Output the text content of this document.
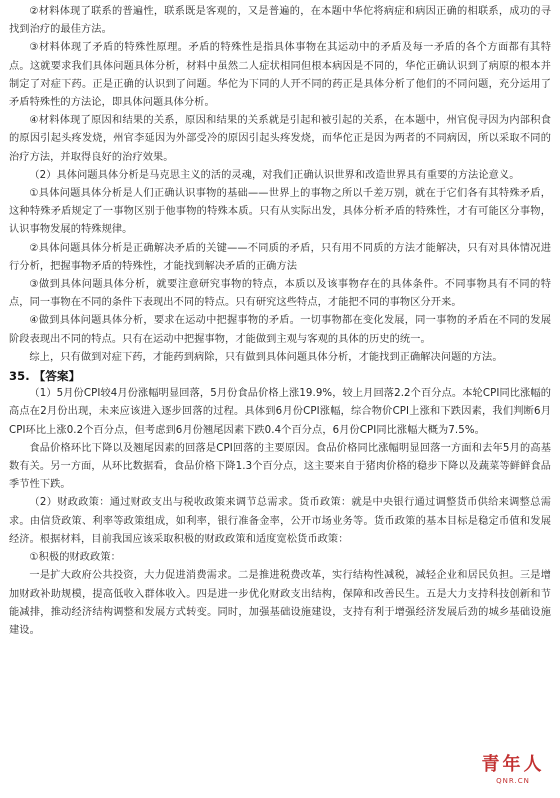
②材料体现了联系的普遍性，联系既是客观的，又是普遍的，在本题中华佗将病症和病因正确的相联系，成功的寻找到治疗的最佳方法。

③材料体现了矛盾的特殊性原理。矛盾的特殊性是指具体事物在其运动中的矛盾及每一矛盾的各个方面都有其特点。这就要求我们具体问题具体分析，材料中虽然二人症状相同但根本病因是不同的，华佗正确认识到了病原的根本并制定了对症下药。正是正确的认识到了问题。华佗为下同的人开不同的药正是具体分析了他们的不同问题，充分运用了矛盾特殊性的方法论，即具体问题具体分析。

④材料体现了原因和结果的关系，原因和结果的关系就是引起和被引起的关系，在本题中，州官倪寻因为内部积食的原因引起头疼发烧，州官李延因为外部受冷的原因引起头疼发烧，而华佗正是因为两者的不同病因，所以采取不同的治疗方法，并取得良好的治疗效果。

（2）具体问题具体分析是马克思主义的活的灵魂，对我们正确认识世界和改造世界具有重要的方法论意义。

①具体问题具体分析是人们正确认识事物的基础——世界上的事物之所以千差万别，就在于它们各有其特殊矛盾，这种特殊矛盾规定了一事物区别于他事物的特殊本质。只有从实际出发，具体分析矛盾的特殊性，才有可能区分事物，认识事物发展的特殊规律。

②具体问题具体分析是正确解决矛盾的关键——不同质的矛盾，只有用不同质的方法才能解决，只有对具体情况进行分析，把握事物矛盾的特殊性，才能找到解决矛盾的正确方法

③做到具体问题具体分析，就要注意研究事物的特点，本质以及该事物存在的具体条件。不同事物具有不同的特点，同一事物在不同的条件下表现出不同的特点。只有研究这些特点，才能把不同的事物区分开来。

④做到具体问题具体分析，要求在运动中把握事物的矛盾。一切事物都在变化发展，同一事物的矛盾在不同的发展阶段表现出不同的特点。只有在运动中把握事物，才能做到主观与客观的具体的历史的统一。

综上，只有做到对症下药，才能药到病除，只有做到具体问题具体分析，才能找到正确解决问题的方法。

35. 【答案】

（1）5月份CPI较4月份涨幅明显回落，5月份食品价格上涨19.9%，较上月回落2.2个百分点。本轮CPI同比涨幅的高点在2月份出现，未来应该进入逐步回落的过程。具体到6月份CPI涨幅，综合物价CPI上涨和下跌因素，我们判断6月CPI环比上涨0.2个百分点，但考虑到6月份翘尾因素下跌0.4个百分点，6月份CPI同比涨幅大概为7.5%。

食品价格环比下降以及翘尾因素的回落是CPI回落的主要原因。食品价格同比涨幅明显回落一方面和去年5月的高基数有关。另一方面，从环比数据看，食品价格下降1.3个百分点，这主要来自于猪肉价格的稳步下降以及蔬菜等鲜鲜食品季节性下跌。

（2）财政政策：通过财政支出与税收政策来调节总需求。货币政策：就是中央银行通过调整货币供给来调整总需求。由信贷政策、利率等政策组成，如利率，银行准备金率，公开市场业务等。货币政策的基本目标是稳定币值和发展经济。根据材料，目前我国应该采取积极的财政政策和适度宽松货币政策：

①积极的财政政策：

一是扩大政府公共投资，大力促进消费需求。二是推进税费改革，实行结构性减税，减轻企业和居民负担。三是增加财政补助规模，提高低收入群体收入。四是进一步优化财政支出结构，保障和改善民生。五是大力支持科技创新和节能减排，推动经济结构调整和发展方式转变。同时，加强基础设施建设，支持有利于增强经济发展后劲的城乡基础设施建设。

青年人
QNR.CN
